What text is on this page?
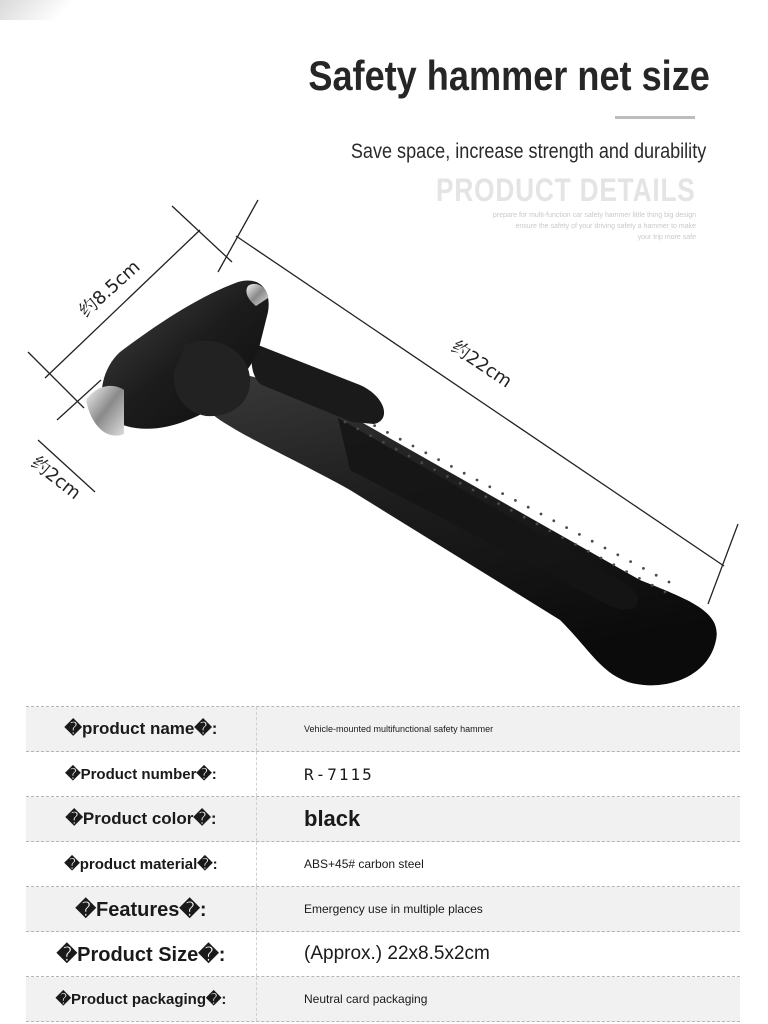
Safety hammer net size
Save space, increase strength and durability
PRODUCT DETAILS
prepare for multi-function car safety hammer little thing big design
ensure the safety of your driving safety a hammer to make
your trip more safe
约8.5cm
约22cm
约2cm
�product name�:	Vehicle-mounted multifunctional safety hammer
�Product number�:	R-7115
�Product color�:	black
�product material�:	ABS+45# carbon steel
�Features�:	Emergency use in multiple places
�Product Size�:	(Approx.) 22x8.5x2cm
�Product packaging�:	Neutral card packaging
